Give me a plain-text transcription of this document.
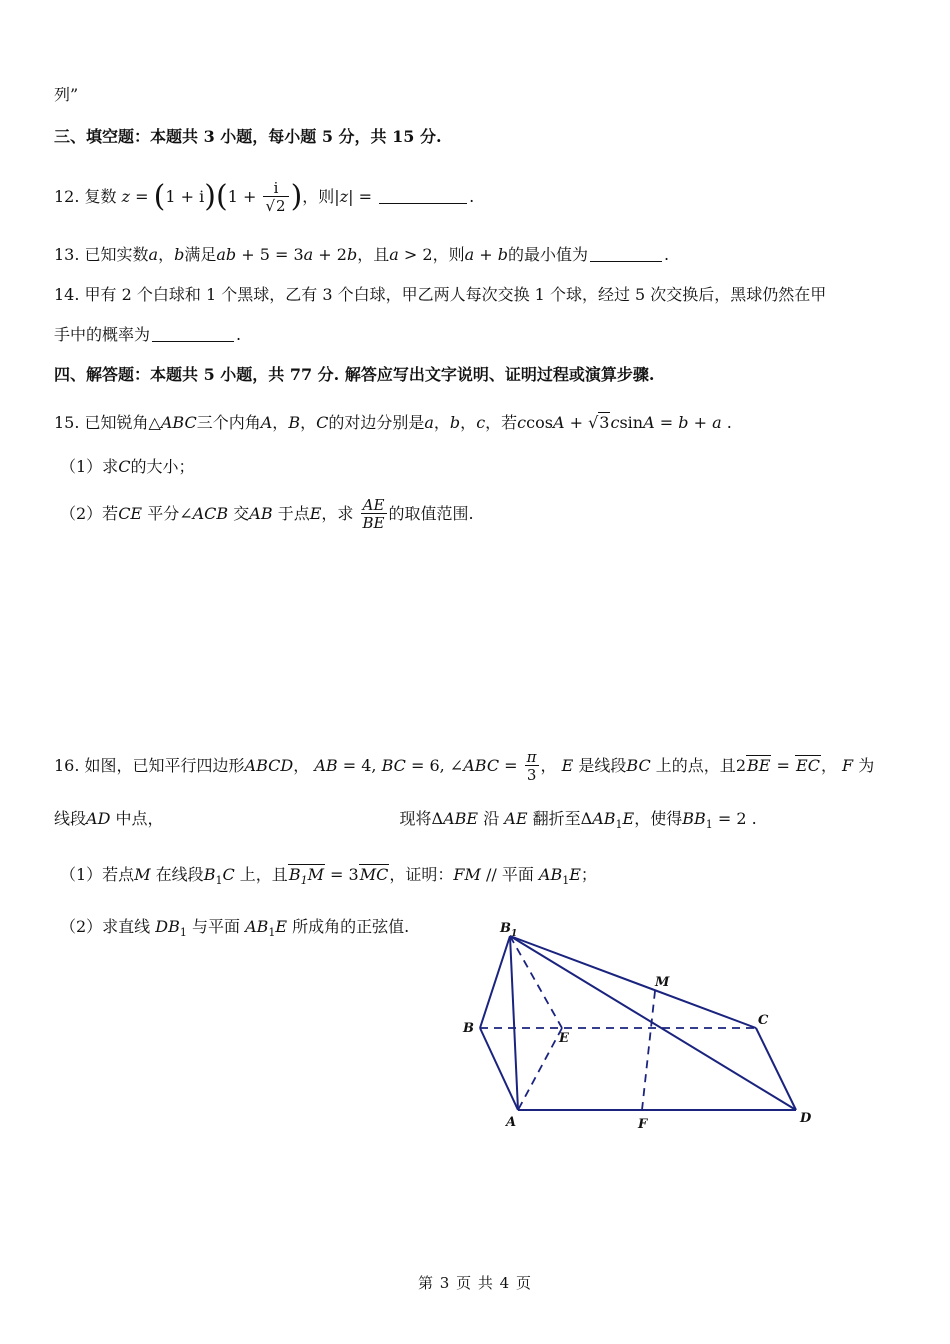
列”
三、填空题：本题共 3 小题，每小题 5 分，共 15 分.
12. 复数 $z = (1 + i)(1 + \frac{i}{√2}$ )，则|z| =	.
13. 已知实数a，b满足ab + 5 = 3a + 2b，且a > 2，则a + b的最小值为	.
14. 甲有 2 个白球和 1 个黑球，乙有 3 个白球，甲乙两人每次交换 1 个球，经过 5 次交换后，黑球仍然在甲
手中的概率为	.
四、解答题：本题共 5 小题，共 77 分. 解答应写出文字说明、证明过程或演算步骤.
15. 已知锐角△ABC三个内角A，B，C的对边分别是a，b，c，若ccosA + √3csinA = b + a .
（1）求C的大小；
（2）若CE 平分∠ACB 交AB 于点E，求 $\frac{AE}{BE}$ 的取值范围.
16. 如图，已知平行四边形ABCD， AB = 4, BC = 6, ∠ABC = $\frac{\pi}{3}$ ， E 是线段BC 上的点，且2BE = EC， F 为
线段AD 中点，	现将ΔABE 沿 AE 翻折至$\Delta AB_1E$，使得$BB_1 = 2$ .
（1）若点M 在线段$B_1C$ 上，且$B_1M = 3MC$，证明：FM // 平面 $AB_1E$；
（2）求直线 $DB_1$ 与平面 $AB_1E$ 所成角的正弦值.	$B_1$
M
C
B
E
A	F	D
第 3 页 共 4 页
